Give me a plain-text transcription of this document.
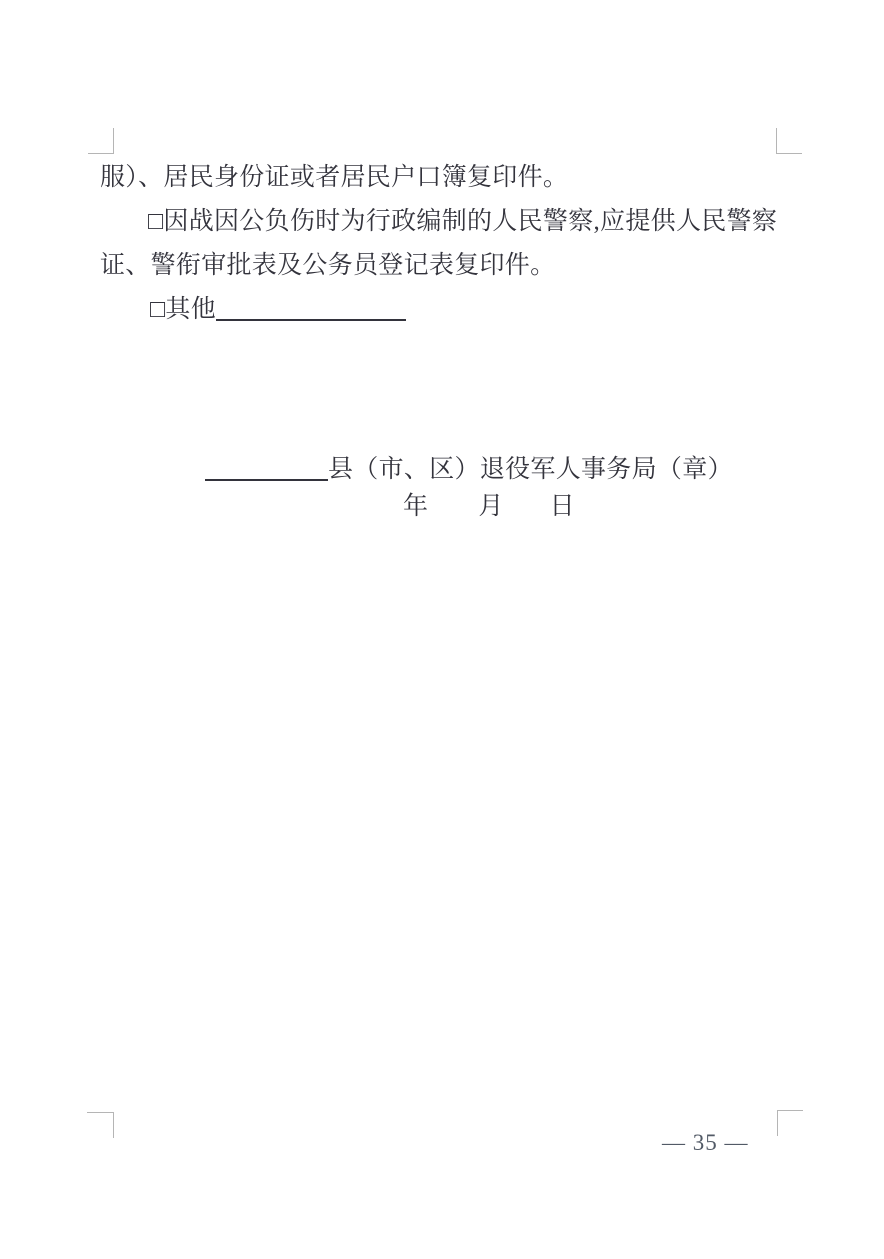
服）、居民身份证或者居民户口簿复印件。
□因战因公负伤时为行政编制的人民警察,应提供人民警察
证、警衔审批表及公务员登记表复印件。
□其他
县（市、区）退役军人事务局（章）
年 月 日
— 35 —
